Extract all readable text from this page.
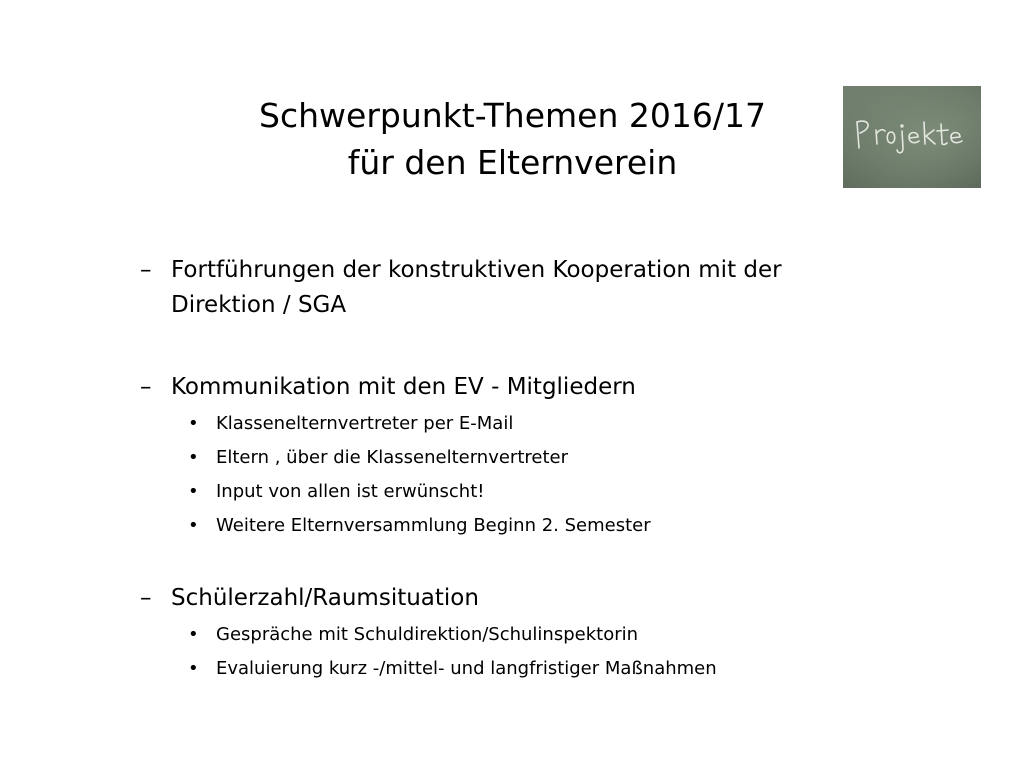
Schwerpunkt-Themen 2016/17
für den Elternverein

– Fortführungen der konstruktiven Kooperation mit der
Direktion / SGA

– Kommunikation mit den EV - Mitgliedern

• Klassenelternvertreter per E-Mail
• Eltern , über die Klassenelternvertreter
• Input von allen ist erwünscht!
• Weitere Elternversammlung Beginn 2. Semester

– Schülerzahl/Raumsituation

• Gespräche mit Schuldirektion/Schulinspektorin
• Evaluierung kurz -/mittel- und langfristiger Maßnahmen
